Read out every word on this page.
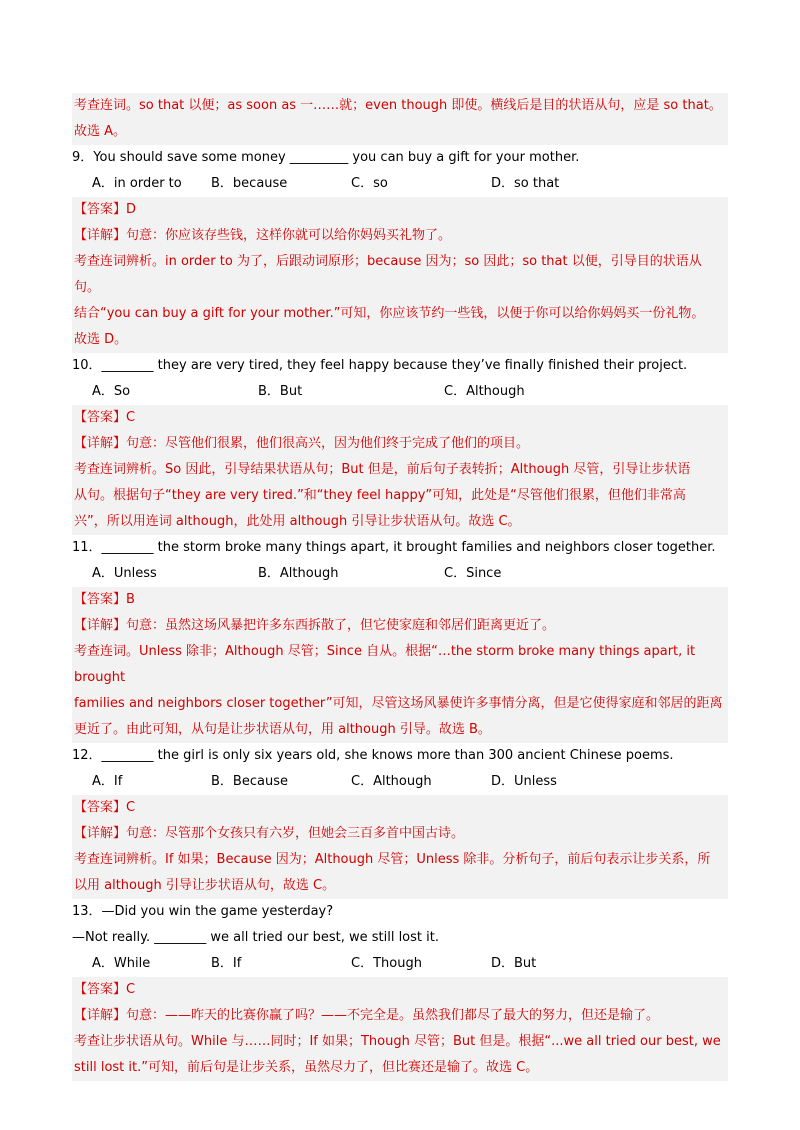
考查连词。so that 以便；as soon as 一……就；even though 即使。横线后是目的状语从句，应是 so that。

故选 A。

9．You should save some money _________ you can buy a gift for your mother.

A．in order to B．because	C．so	D．so that

【答案】D

【详解】句意：你应该存些钱，这样你就可以给你妈妈买礼物了。

考查连词辨析。in order to 为了，后跟动词原形；because 因为；so 因此；so that 以便，引导目的状语从句。

结合“you can buy a gift for your mother.”可知，你应该节约一些钱，以便于你可以给你妈妈买一份礼物。

故选 D。

10．________ they are very tired, they feel happy because they’ve finally finished their project.

A．So	B．But	C．Although

【答案】C

【详解】句意：尽管他们很累，他们很高兴，因为他们终于完成了他们的项目。

考查连词辨析。So 因此，引导结果状语从句；But 但是，前后句子表转折；Although 尽管，引导让步状语

从句。根据句子“they are very tired.”和“they feel happy”可知，此处是“尽管他们很累，但他们非常高

兴”，所以用连词 although，此处用 although 引导让步状语从句。故选 C。

11．________ the storm broke many things apart, it brought families and neighbors closer together.

A．Unless	B．Although	C．Since

【答案】B

【详解】句意：虽然这场风暴把许多东西拆散了，但它使家庭和邻居们距离更近了。

考查连词。Unless 除非；Although 尽管；Since 自从。根据“…the storm broke many things apart, it brought

families and neighbors closer together”可知，尽管这场风暴使许多事情分离，但是它使得家庭和邻居的距离

更近了。由此可知，从句是让步状语从句，用 although 引导。故选 B。

12．________ the girl is only six years old, she knows more than 300 ancient Chinese poems.

A．If	B．Because	C．Although	D．Unless

【答案】C

【详解】句意：尽管那个女孩只有六岁，但她会三百多首中国古诗。

考查连词辨析。If 如果；Because 因为；Although 尽管；Unless 除非。分析句子，前后句表示让步关系，所

以用 although 引导让步状语从句，故选 C。

13．—Did you win the game yesterday?

—Not really. ________ we all tried our best, we still lost it.

A．While	B．If	C．Though	D．But

【答案】C

【详解】句意：——昨天的比赛你赢了吗？——不完全是。虽然我们都尽了最大的努力，但还是输了。

考查让步状语从句。While 与……同时；If 如果；Though 尽管；But 但是。根据“...we all tried our best, we

still lost it.”可知，前后句是让步关系，虽然尽力了，但比赛还是输了。故选 C。
